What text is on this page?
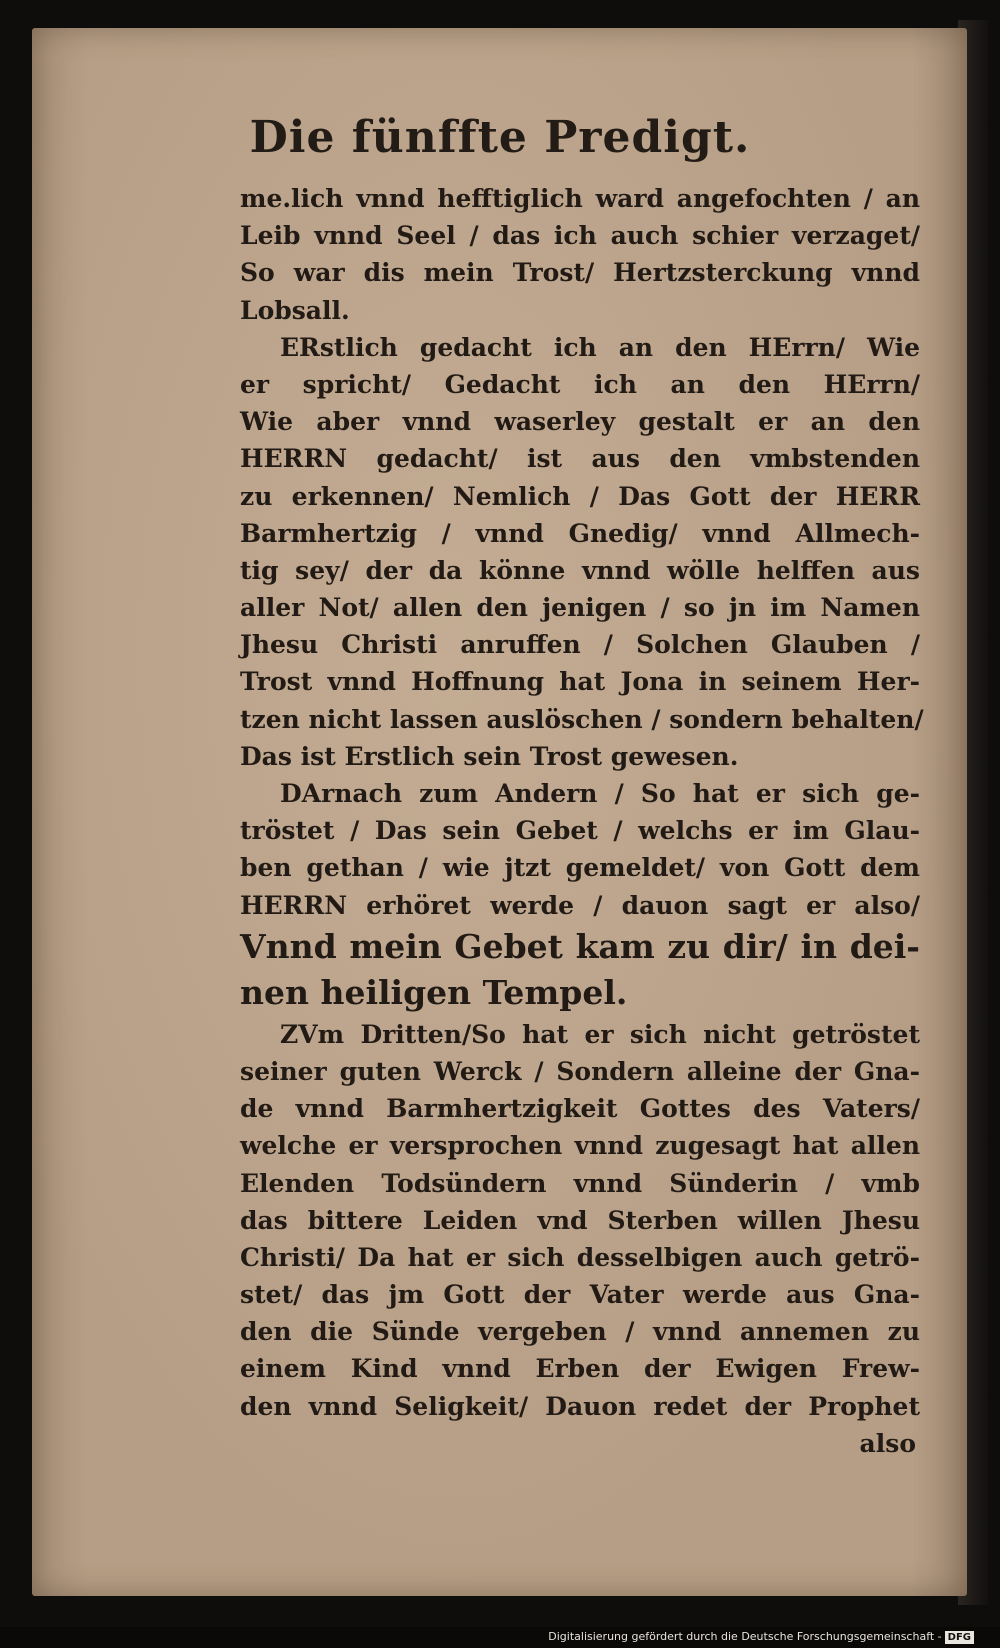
Die fünffte Predigt.
me.lich vnnd hefftiglich ward angefochten / an
Leib vnnd Seel / das ich auch schier verzaget/
So war dis mein Trost/ Hertzsterckung vnnd
Lobsall.
ERstlich gedacht ich an den HErrn/ Wie
er spricht/ Gedacht ich an den HErrn/
Wie aber vnnd waserley gestalt er an den
HERRN gedacht/ ist aus den vmbstenden
zu erkennen/ Nemlich / Das Gott der HERR
Barmhertzig / vnnd Gnedig/ vnnd Allmech-
tig sey/ der da könne vnnd wölle helffen aus
aller Not/ allen den jenigen / so jn im Namen
Jhesu Christi anruffen / Solchen Glauben /
Trost vnnd Hoffnung hat Jona in seinem Her-
tzen nicht lassen auslöschen / sondern behalten/
Das ist Erstlich sein Trost gewesen.
DArnach zum Andern / So hat er sich ge-
tröstet / Das sein Gebet / welchs er im Glau-
ben gethan / wie jtzt gemeldet/ von Gott dem
HERRN erhöret werde / dauon sagt er also/
Vnnd mein Gebet kam zu dir/ in dei-
nen heiligen Tempel.
ZVm Dritten/So hat er sich nicht getröstet
seiner guten Werck / Sondern alleine der Gna-
de vnnd Barmhertzigkeit Gottes des Vaters/
welche er versprochen vnnd zugesagt hat allen
Elenden Todsündern vnnd Sünderin / vmb
das bittere Leiden vnd Sterben willen Jhesu
Christi/ Da hat er sich desselbigen auch getrö-
stet/ das jm Gott der Vater werde aus Gna-
den die Sünde vergeben / vnnd annemen zu
einem Kind vnnd Erben der Ewigen Frew-
den vnnd Seligkeit/ Dauon redet der Prophet
also
Digitalisierung gefördert durch die Deutsche Forschungsgemeinschaft - DFG
